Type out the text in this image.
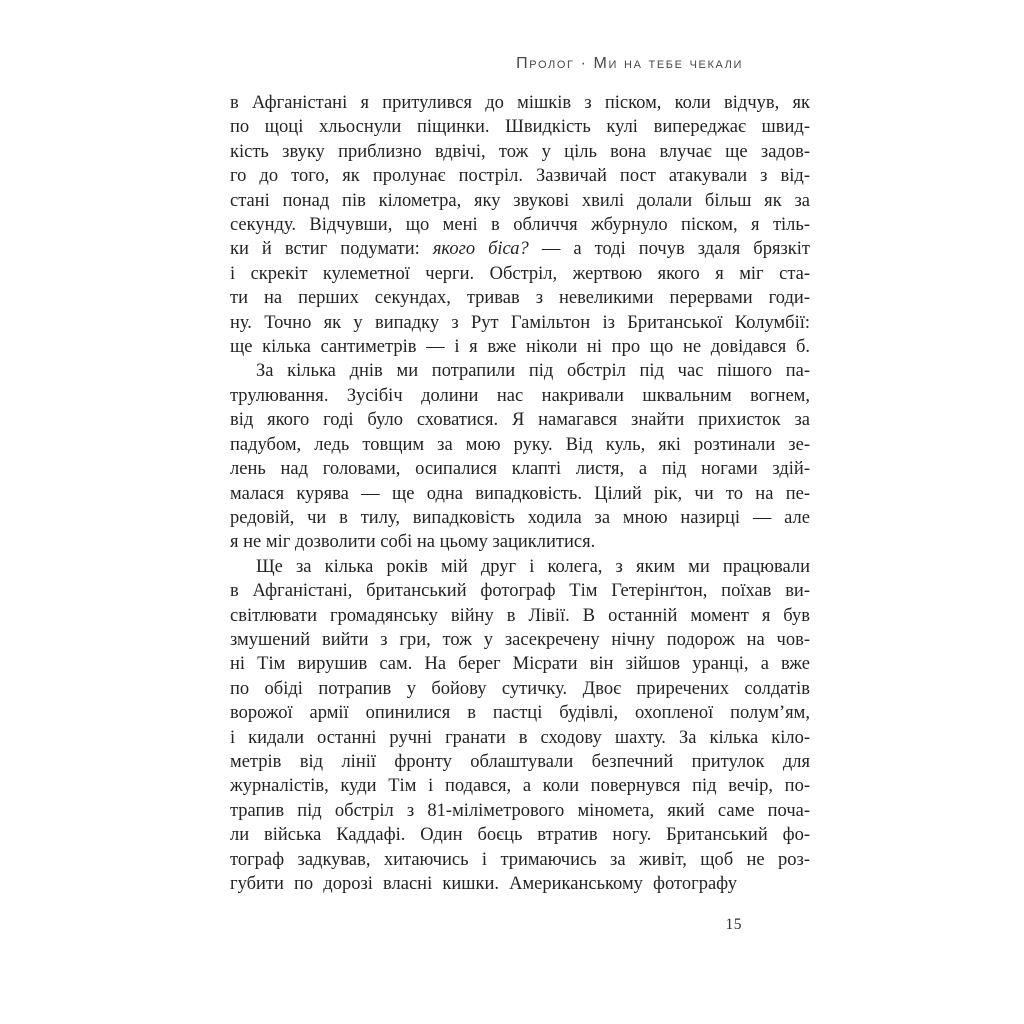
Пролог · Ми на тебе чекали
в Афганістані я притулився до мішків з піском, коли відчув, як
по щоці хльоснули піщинки. Швидкість кулі випереджає швид-
кість звуку приблизно вдвічі, тож у ціль вона влучає ще задов-
го до того, як пролунає постріл. Зазвичай пост атакували з від-
стані понад пів кілометра, яку звукові хвилі долали більш як за
секунду. Відчувши, що мені в обличчя жбурнуло піском, я тіль-
ки й встиг подумати: якого біса? — а тоді почув здаля брязкіт
і скрекіт кулеметної черги. Обстріл, жертвою якого я міг ста-
ти на перших секундах, тривав з невеликими перервами годи-
ну. Точно як у випадку з Рут Гамільтон із Британської Колумбії:
ще кілька сантиметрів — і я вже ніколи ні про що не довідався б.
За кілька днів ми потрапили під обстріл під час пішого па-
трулювання. Зусібіч долини нас накривали шквальним вогнем,
від якого годі було сховатися. Я намагався знайти прихисток за
падубом, ледь товщим за мою руку. Від куль, які розтинали зе-
лень над головами, осипалися клапті листя, а під ногами здій-
малася курява — ще одна випадковість. Цілий рік, чи то на пе-
редовій, чи в тилу, випадковість ходила за мною назирці — але
я не міг дозволити собі на цьому зациклитися.
Ще за кілька років мій друг і колега, з яким ми працювали
в Афганістані, британський фотограф Тім Гетерінґтон, поїхав ви-
світлювати громадянську війну в Лівії. В останній момент я був
змушений вийти з гри, тож у засекречену нічну подорож на чов-
ні Тім вирушив сам. На берег Місрати він зійшов уранці, а вже
по обіді потрапив у бойову сутичку. Двоє приречених солдатів
ворожої армії опинилися в пастці будівлі, охопленої полум’ям,
і кидали останні ручні гранати в сходову шахту. За кілька кіло-
метрів від лінії фронту облаштували безпечний притулок для
журналістів, куди Тім і подався, а коли повернувся під вечір, по-
трапив під обстріл з 81-міліметрового міномета, який саме поча-
ли війська Каддафі. Один боєць втратив ногу. Британський фо-
тограф задкував, хитаючись і тримаючись за живіт, щоб не роз-
губити по дорозі власні кишки. Американському фотографу
15
